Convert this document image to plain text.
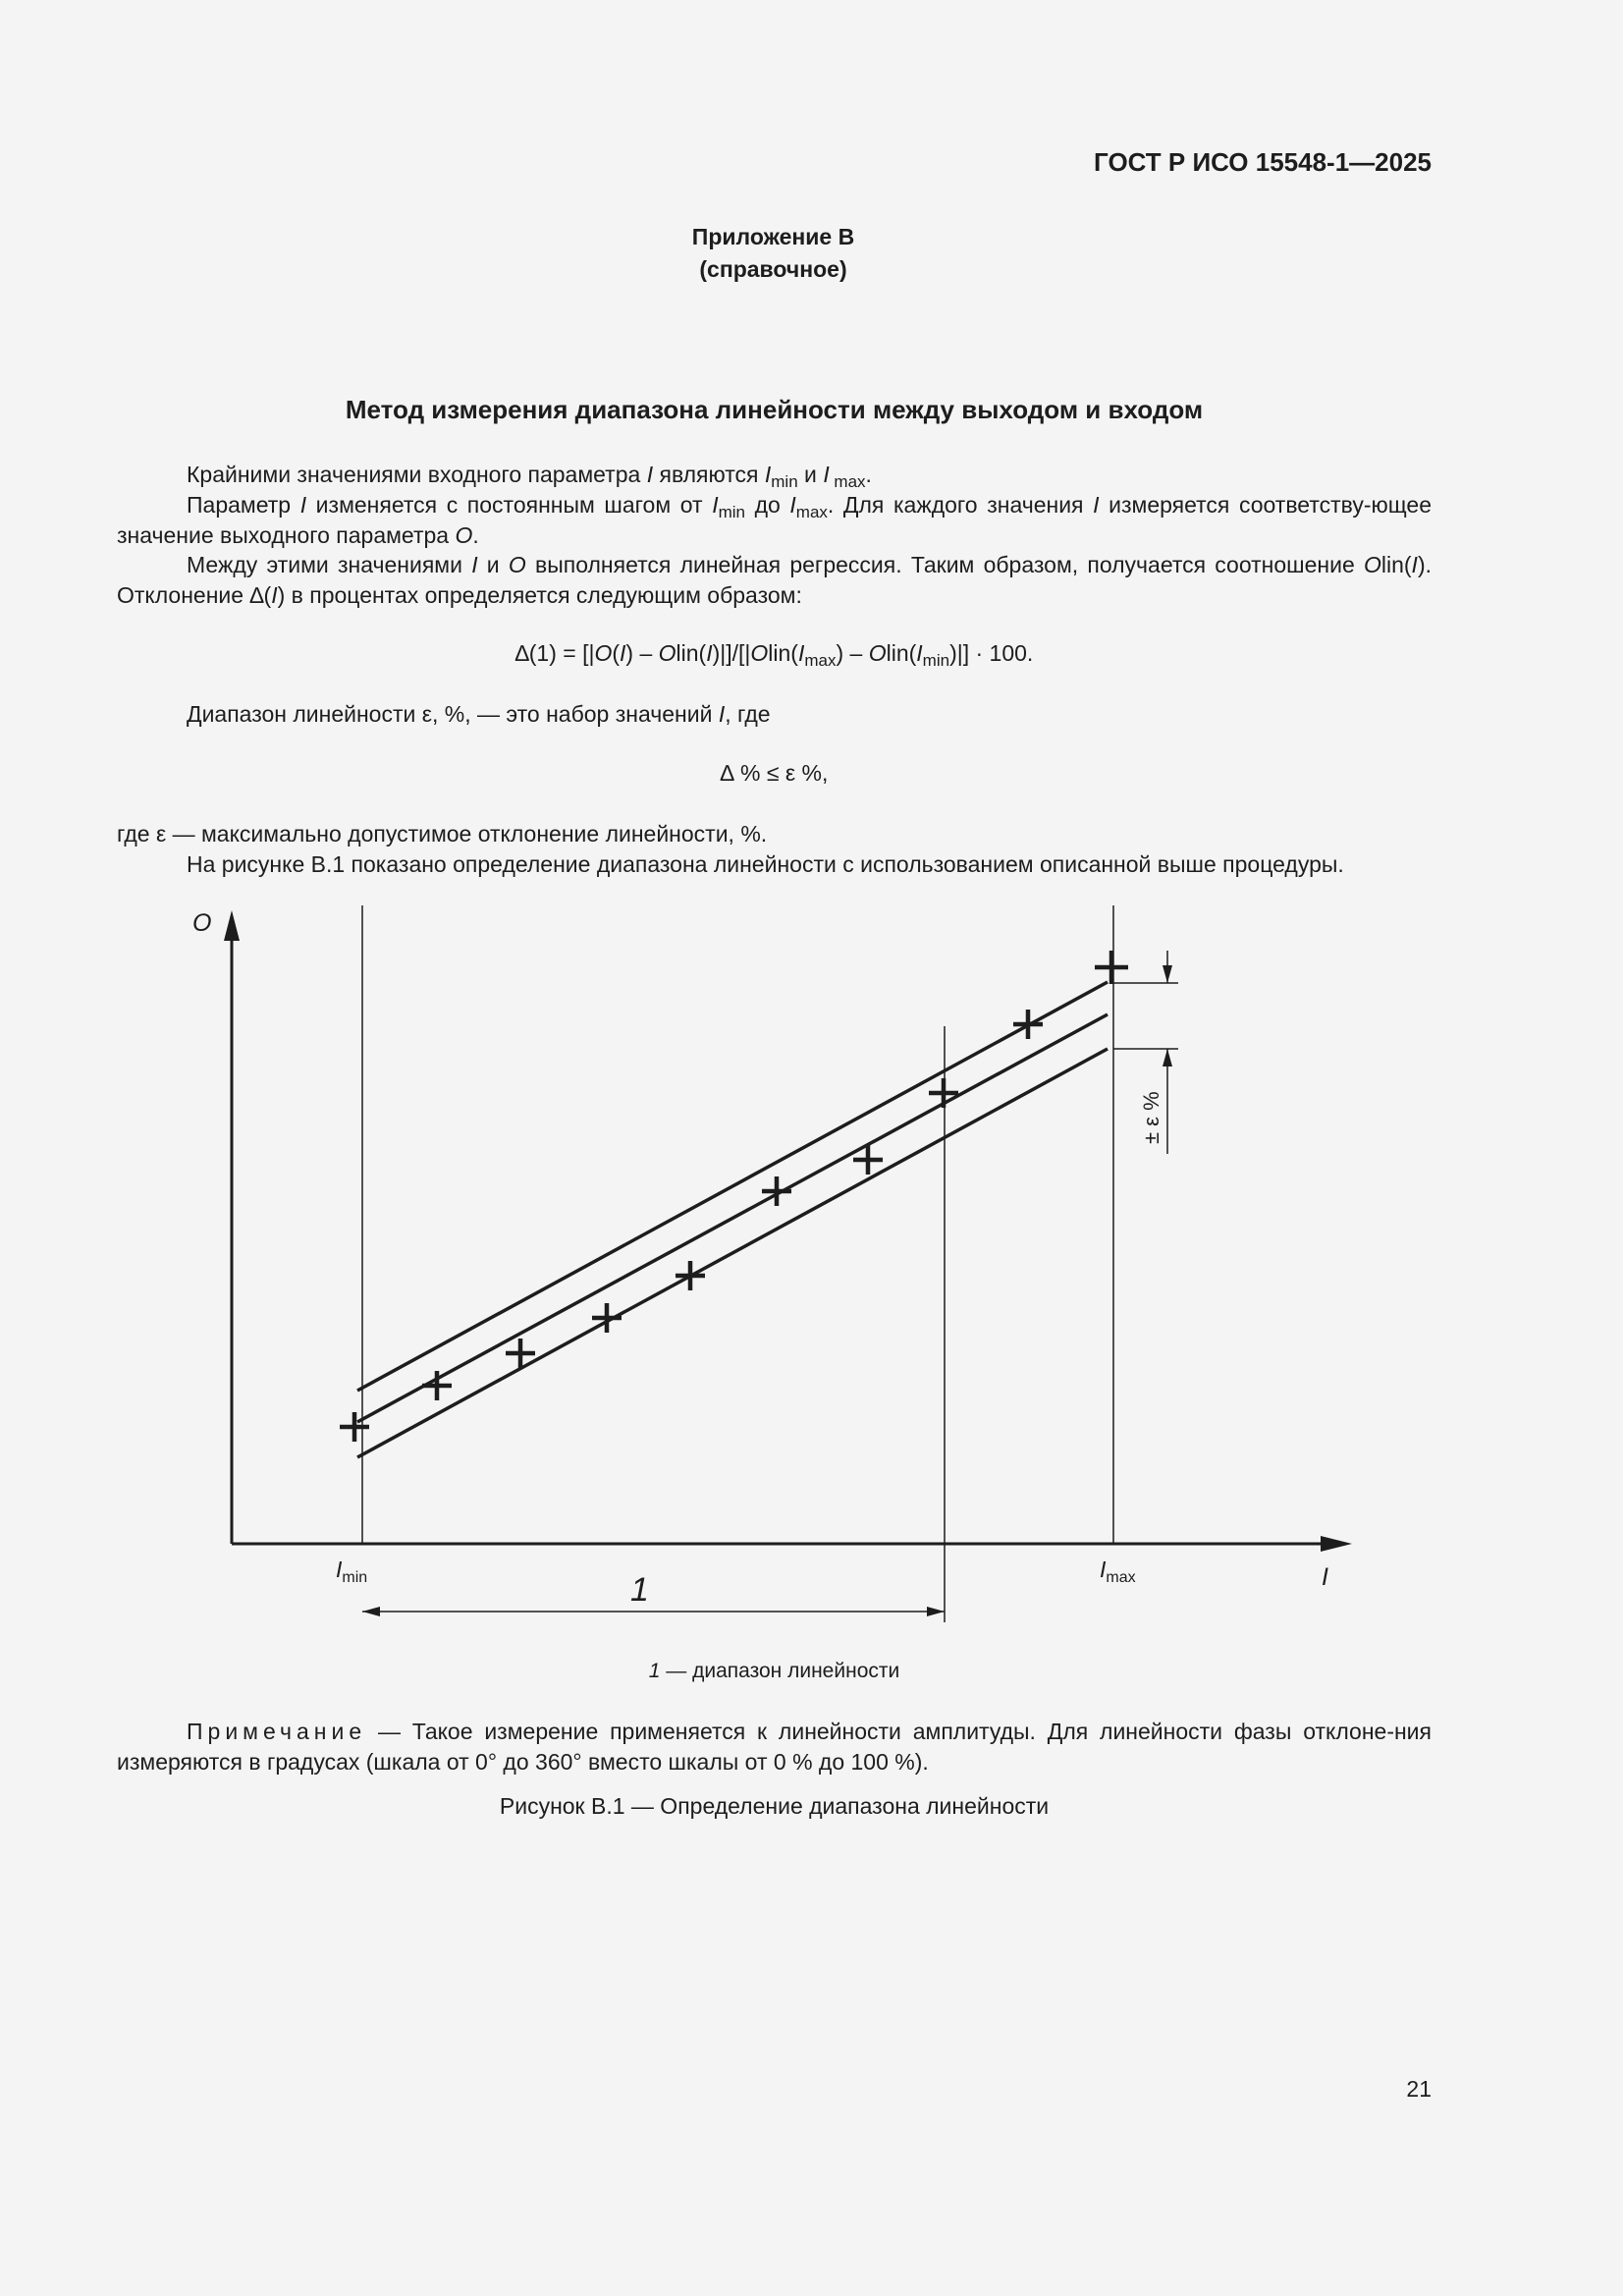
ГОСТ Р ИСО 15548-1—2025
Приложение В
(справочное)
Метод измерения диапазона линейности между выходом и входом

Крайними значениями входного параметра I являются $I_{min}$ и I $_{max}$.

Параметр I изменяется с постоянным шагом от $I_{min}$ до $I_{max}$. Для каждого значения I измеряется соответству-ющее значение выходного параметра O.

Между этими значениями I и O выполняется линейная регрессия. Таким образом, получается соотношение Olin(I). Отклонение ∆(I) в процентах определяется следующим образом:

$\Delta(1) = [|O(I) - Olin(I)|]/[|Olin(I_{max})$ – $Olin(I_{min})|] \cdot 100$.

Диапазон линейности ε, %, — это набор значений I, где

∆ % ≤ ε %,

где ε — максимально допустимое отклонение линейности, %.

На рисунке В.1 показано определение диапазона линейности с использованием описанной выше процедуры.

O
I
$I_{min}$	$I_{max}$
1
± ε %
1 — диапазон линейности

Примечание — Такое измерение применяется к линейности амплитуды. Для линейности фазы отклоне-ния измеряются в градусах (шкала от 0° до 360° вместо шкалы от 0 % до 100 %).

Рисунок В.1 — Определение диапазона линейности
21
